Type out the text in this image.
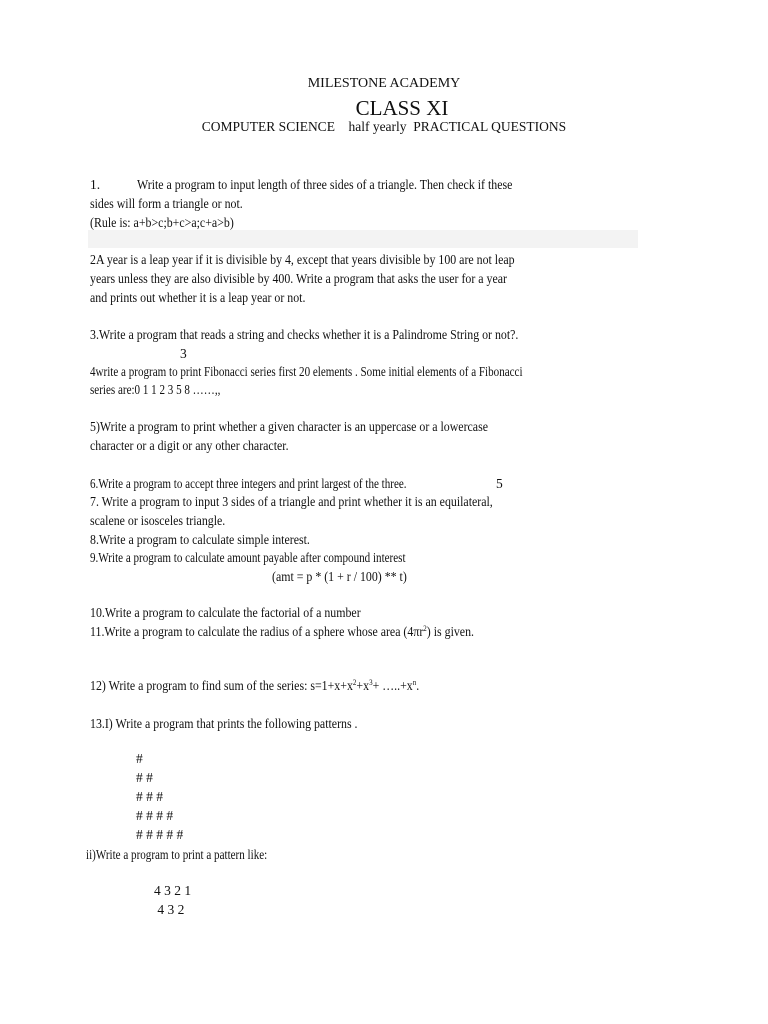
MILESTONE ACADEMY
CLASS XI
COMPUTER SCIENCE half yearly PRACTICAL QUESTIONS
1.	Write a program to input length of three sides of a triangle. Then check if these
sides will form a triangle or not.
(Rule is: a+b>c;b+c>a;c+a>b)
2A year is a leap year if it is divisible by 4, except that years divisible by 100 are not leap
years unless they are also divisible by 400. Write a program that asks the user for a year
and prints out whether it is a leap year or not.
3.Write a program that reads a string and checks whether it is a Palindrome String or not?.
3
4write a program to print Fibonacci series first 20 elements . Some initial elements of a Fibonacci
series are:0 1 1 2 3 5 8 ……,,
5)Write a program to print whether a given character is an uppercase or a lowercase
character or a digit or any other character.
6.Write a program to accept three integers and print largest of the three.	5
7. Write a program to input 3 sides of a triangle and print whether it is an equilateral,
scalene or isosceles triangle.
8.Write a program to calculate simple interest.
9.Write a program to calculate amount payable after compound interest
(amt = p * (1 + r / 100) ** t)
10.Write a program to calculate the factorial of a number
11.Write a program to calculate the radius of a sphere whose area $(4\pi r^2)$ is given.
12) Write a program to find sum of the series: $s=1+x+x^2+x^3+$ $\dots..+x^n$.
13.I) Write a program that prints the following patterns .
#
# #
# # #
# # # #
# # # # #
ii)Write a program to print a pattern like:
4 3 2 1
4 3 2
